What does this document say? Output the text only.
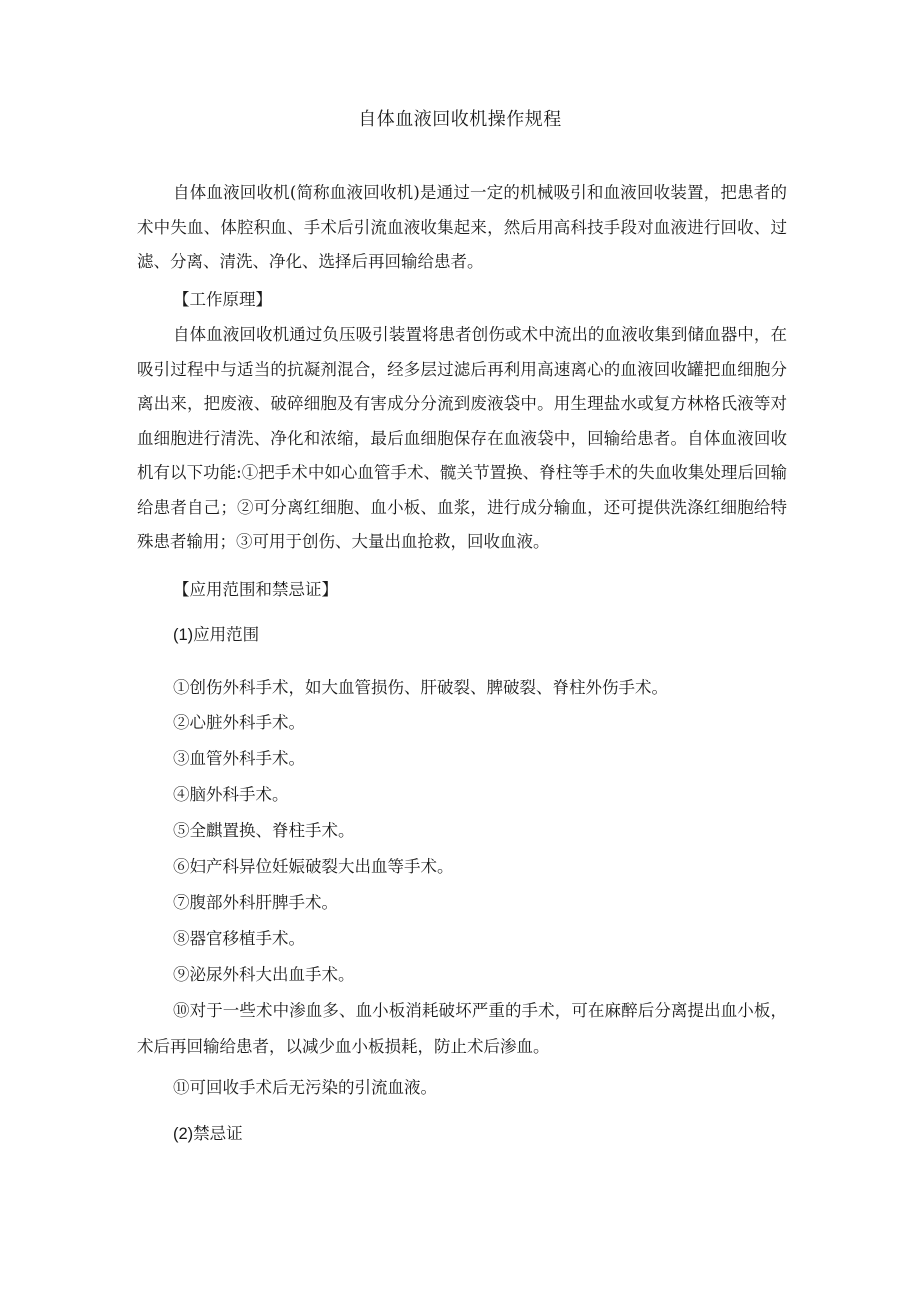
自体血液回收机操作规程

自体血液回收机(简称血液回收机)是通过一定的机械吸引和血液回收装置，把患者的术中失血、体腔积血、手术后引流血液收集起来，然后用高科技手段对血液进行回收、过滤、分离、清洗、净化、选择后再回输给患者。

【工作原理】

自体血液回收机通过负压吸引装置将患者创伤或术中流出的血液收集到储血器中，在吸引过程中与适当的抗凝剂混合，经多层过滤后再利用高速离心的血液回收罐把血细胞分离出来，把废液、破碎细胞及有害成分分流到废液袋中。用生理盐水或复方林格氏液等对血细胞进行清洗、净化和浓缩，最后血细胞保存在血液袋中，回输给患者。自体血液回收机有以下功能:①把手术中如心血管手术、髋关节置换、脊柱等手术的失血收集处理后回输给患者自己；②可分离红细胞、血小板、血浆，进行成分输血，还可提供洗涤红细胞给特殊患者输用；③可用于创伤、大量出血抢救，回收血液。

【应用范围和禁忌证】

(1)应用范围

①创伤外科手术，如大血管损伤、肝破裂、脾破裂、脊柱外伤手术。

②心脏外科手术。

③血管外科手术。

④脑外科手术。

⑤全麒置换、脊柱手术。

⑥妇产科异位妊娠破裂大出血等手术。

⑦腹部外科肝脾手术。

⑧器官移植手术。

⑨泌尿外科大出血手术。

⑩对于一些术中渗血多、血小板消耗破坏严重的手术，可在麻醉后分离提出血小板，术后再回输给患者，以减少血小板损耗，防止术后渗血。

⑪可回收手术后无污染的引流血液。

(2)禁忌证
